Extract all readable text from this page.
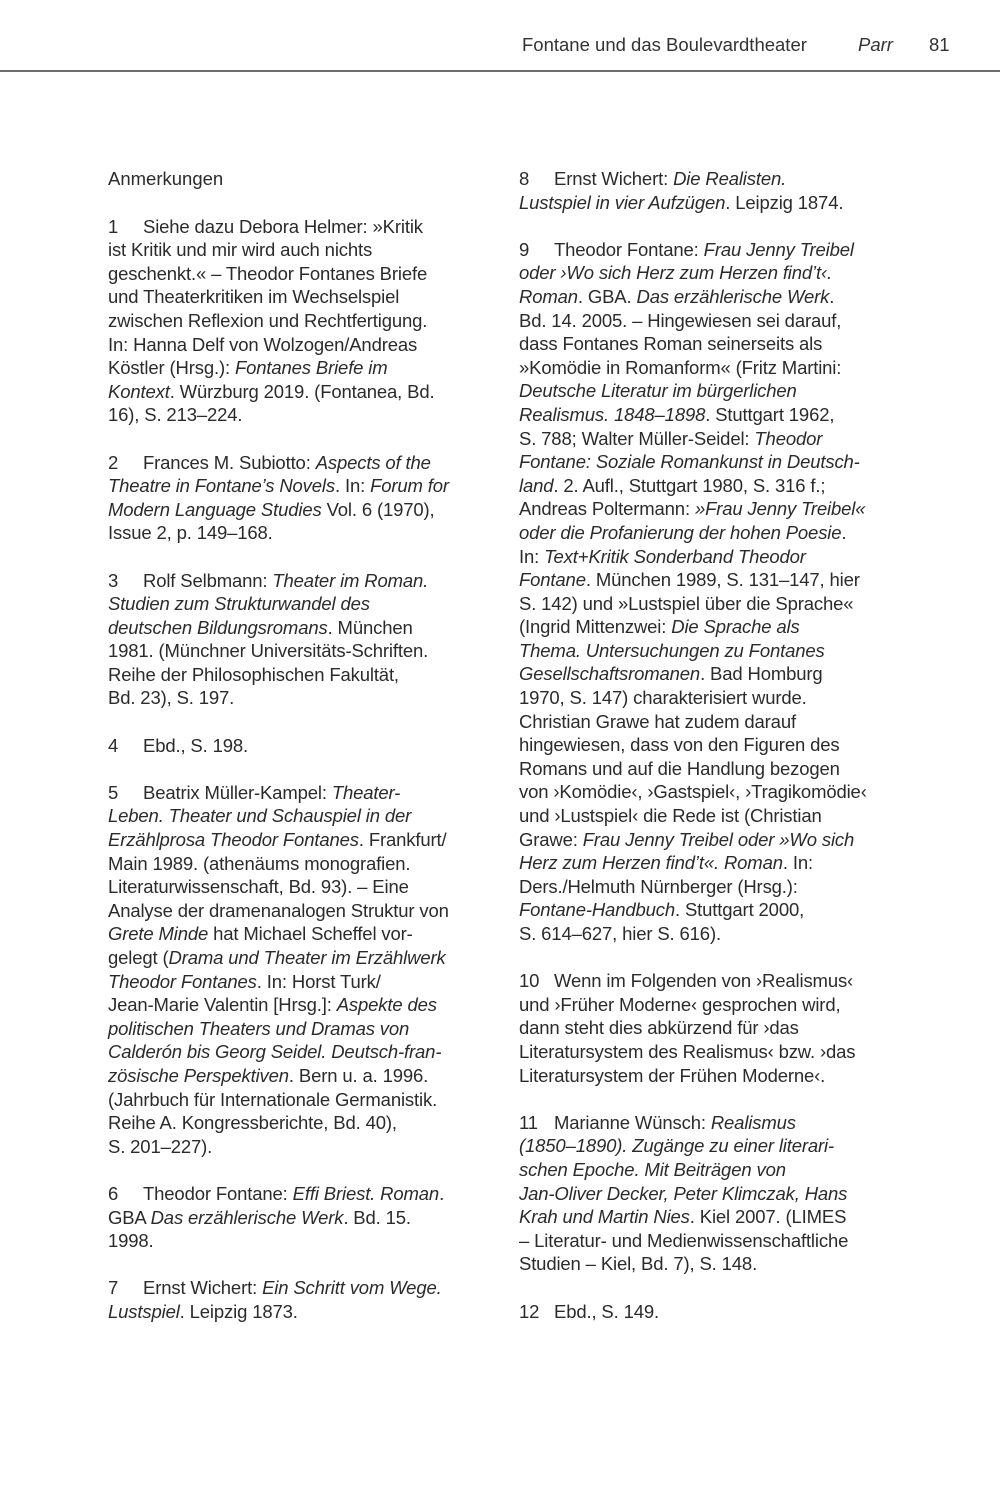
Fontane und das Boulevardtheater	Parr 81
Anmerkungen
1 Siehe dazu Debora Helmer: »Kritik
ist Kritik und mir wird auch nichts
geschenkt.« – Theodor Fontanes Briefe
und Theaterkritiken im Wechselspiel
zwischen Reflexion und Rechtfertigung.
In: Hanna Delf von Wolzogen/Andreas
Köstler (Hrsg.): Fontanes Briefe im
Kontext. Würzburg 2019. (Fontanea, Bd.
16), S. 213–224.
2 Frances M. Subiotto: Aspects of the
Theatre in Fontane’s Novels. In: Forum for
Modern Language Studies Vol. 6 (1970),
Issue 2, p. 149–168.
3 Rolf Selbmann: Theater im Roman.
Studien zum Strukturwandel des
deutschen Bildungsromans. München
1981. (Münchner Universitäts-Schriften.
Reihe der Philosophischen Fakultät,
Bd. 23), S. 197.
4 Ebd., S. 198.
5 Beatrix Müller-Kampel: Theater-
Leben. Theater und Schauspiel in der
Erzählprosa Theodor Fontanes. Frankfurt/
Main 1989. (athenäums monografien.
Literaturwissenschaft, Bd. 93). – Eine
Analyse der dramenanalogen Struktur von
Grete Minde hat Michael Scheffel vor-
gelegt (Drama und Theater im Erzählwerk
Theodor Fontanes. In: Horst Turk/
Jean-Marie Valentin [Hrsg.]: Aspekte des
politischen Theaters und Dramas von
Calderón bis Georg Seidel. Deutsch-fran-
zösische Perspektiven. Bern u. a. 1996.
(Jahrbuch für Internationale Germanistik.
Reihe A. Kongressberichte, Bd. 40),
S. 201–227).
6 Theodor Fontane: Effi Briest. Roman.
GBA Das erzählerische Werk. Bd. 15.
1998.
7 Ernst Wichert: Ein Schritt vom Wege.
Lustspiel. Leipzig 1873.
8 Ernst Wichert: Die Realisten.
Lustspiel in vier Aufzügen. Leipzig 1874.
9 Theodor Fontane: Frau Jenny Treibel
oder ›Wo sich Herz zum Herzen find’t‹.
Roman. GBA. Das erzählerische Werk.
Bd. 14. 2005. – Hingewiesen sei darauf,
dass Fontanes Roman seinerseits als
»Komödie in Romanform« (Fritz Martini:
Deutsche Literatur im bürgerlichen
Realismus. 1848–1898. Stuttgart 1962,
S. 788; Walter Müller-Seidel: Theodor
Fontane: Soziale Romankunst in Deutsch-
land. 2. Aufl., Stuttgart 1980, S. 316 f.;
Andreas Poltermann: »Frau Jenny Treibel«
oder die Profanierung der hohen Poesie.
In: Text+Kritik Sonderband Theodor
Fontane. München 1989, S. 131–147, hier
S. 142) und »Lustspiel über die Sprache«
(Ingrid Mittenzwei: Die Sprache als
Thema. Untersuchungen zu Fontanes
Gesellschaftsromanen. Bad Homburg
1970, S. 147) charakterisiert wurde.
Christian Grawe hat zudem darauf
hingewiesen, dass von den Figuren des
Romans und auf die Handlung bezogen
von ›Komödie‹, ›Gastspiel‹, ›Tragikomödie‹
und ›Lustspiel‹ die Rede ist (Christian
Grawe: Frau Jenny Treibel oder »Wo sich
Herz zum Herzen find’t«. Roman. In:
Ders./Helmuth Nürnberger (Hrsg.):
Fontane-Handbuch. Stuttgart 2000,
S. 614–627, hier S. 616).
10 Wenn im Folgenden von ›Realismus‹
und ›Früher Moderne‹ gesprochen wird,
dann steht dies abkürzend für ›das
Literatursystem des Realismus‹ bzw. ›das
Literatursystem der Frühen Moderne‹.
11 Marianne Wünsch: Realismus
(1850–1890). Zugänge zu einer literari-
schen Epoche. Mit Beiträgen von
Jan-Oliver Decker, Peter Klimczak, Hans
Krah und Martin Nies. Kiel 2007. (LIMES
– Literatur- und Medienwissenschaftliche
Studien – Kiel, Bd. 7), S. 148.
12 Ebd., S. 149.
